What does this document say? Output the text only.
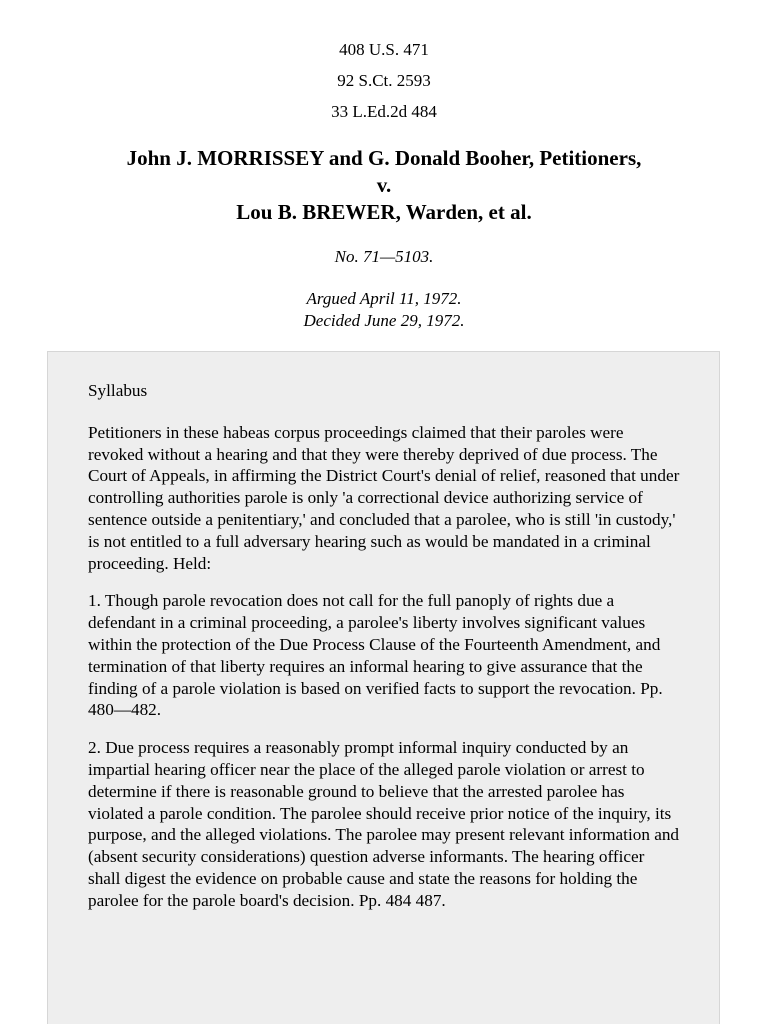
408 U.S. 471
92 S.Ct. 2593
33 L.Ed.2d 484
John J. MORRISSEY and G. Donald Booher, Petitioners,
v.
Lou B. BREWER, Warden, et al.
No. 71—5103.
Argued April 11, 1972.
Decided June 29, 1972.
Syllabus

Petitioners in these habeas corpus proceedings claimed that their paroles were revoked without a hearing and that they were thereby deprived of due process. The Court of Appeals, in affirming the District Court's denial of relief, reasoned that under controlling authorities parole is only 'a correctional device authorizing service of sentence outside a penitentiary,' and concluded that a parolee, who is still 'in custody,' is not entitled to a full adversary hearing such as would be mandated in a criminal proceeding. Held:

1. Though parole revocation does not call for the full panoply of rights due a defendant in a criminal proceeding, a parolee's liberty involves significant values within the protection of the Due Process Clause of the Fourteenth Amendment, and termination of that liberty requires an informal hearing to give assurance that the finding of a parole violation is based on verified facts to support the revocation. Pp. 480—482.

2. Due process requires a reasonably prompt informal inquiry conducted by an impartial hearing officer near the place of the alleged parole violation or arrest to determine if there is reasonable ground to believe that the arrested parolee has violated a parole condition. The parolee should receive prior notice of the inquiry, its purpose, and the alleged violations. The parolee may present relevant information and (absent security considerations) question adverse informants. The hearing officer shall digest the evidence on probable cause and state the reasons for holding the parolee for the parole board's decision. Pp. 484 487.
